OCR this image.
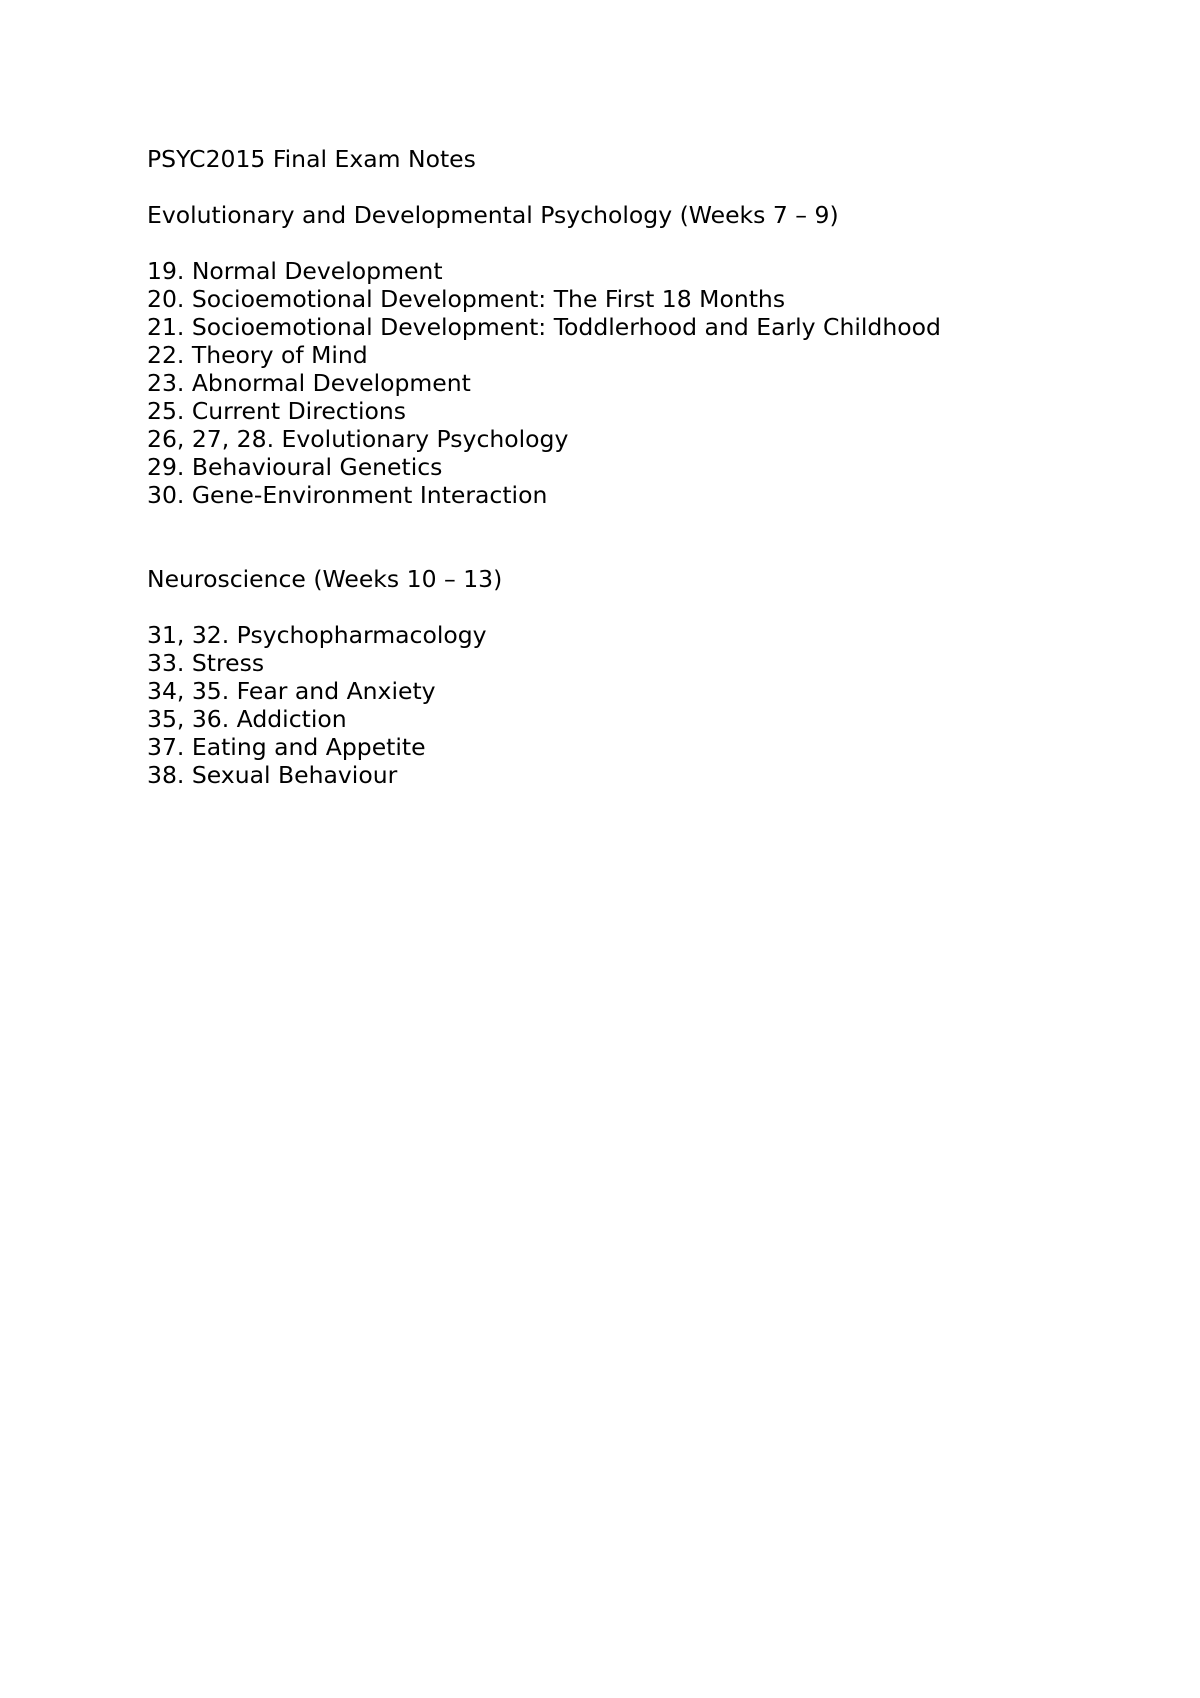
PSYC2015 Final Exam Notes
Evolutionary and Developmental Psychology (Weeks 7 – 9)
19. Normal Development
20. Socioemotional Development: The First 18 Months
21. Socioemotional Development: Toddlerhood and Early Childhood
22. Theory of Mind
23. Abnormal Development
25. Current Directions
26, 27, 28. Evolutionary Psychology
29. Behavioural Genetics
30. Gene-Environment Interaction
Neuroscience (Weeks 10 – 13)
31, 32. Psychopharmacology
33. Stress
34, 35. Fear and Anxiety
35, 36. Addiction
37. Eating and Appetite
38. Sexual Behaviour
